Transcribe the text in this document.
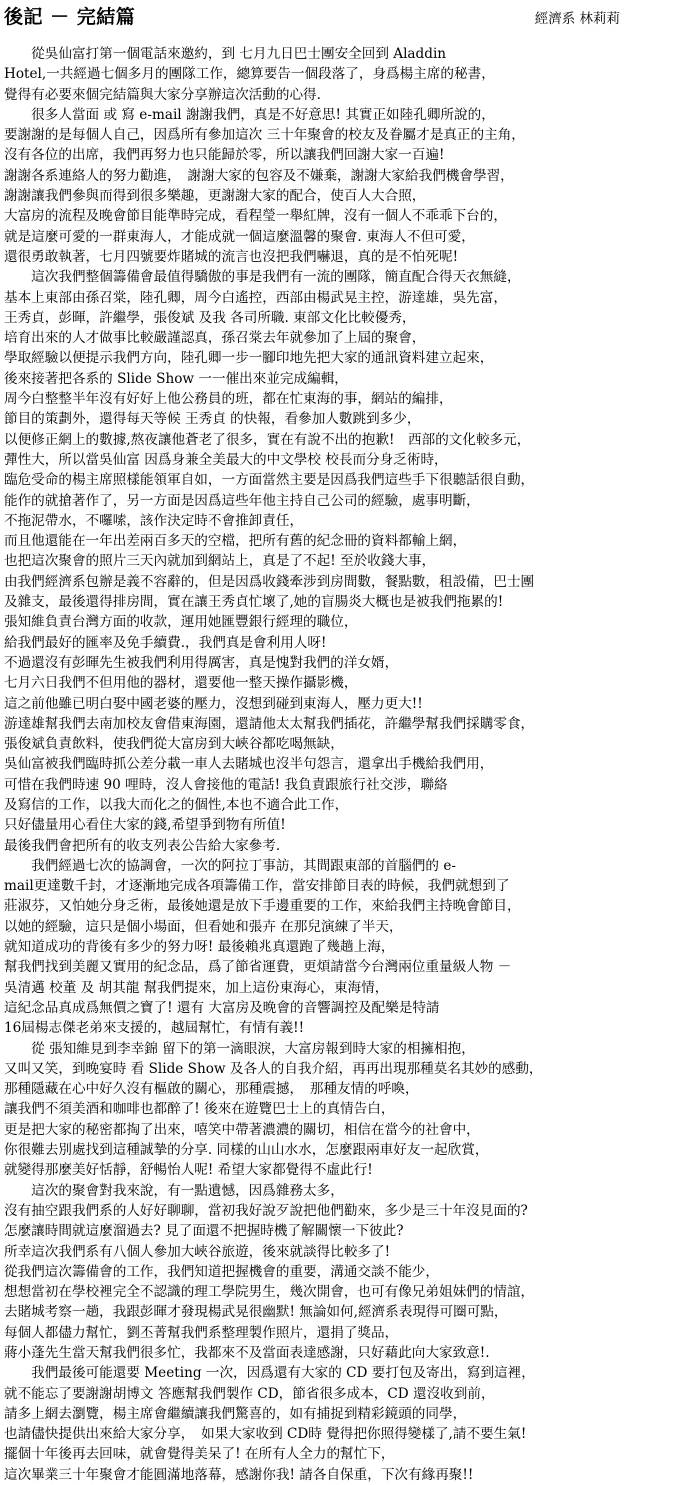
後記 － 完結篇	經濟系 林莉莉
　　從吳仙富打第一個電話來邀約，到 七月九日巴士團安全回到 Aladdin
Hotel,一共經過七個多月的團隊工作，總算要告一個段落了，身爲楊主席的秘書，
覺得有必要來個完結篇與大家分享辦這次活動的心得.
　　很多人當面 或 寫 e-mail 謝謝我們，真是不好意思! 其實正如陸孔卿所說的，
要謝謝的是每個人自己，因爲所有參加這次 三十年聚會的校友及眷屬才是真正的主角，
沒有各位的出席，我們再努力也只能歸於零，所以讓我們回謝大家一百遍!
謝謝各系連絡人的努力勸進，　謝謝大家的包容及不嫌棄，謝謝大家給我們機會學習，
謝謝讓我們參與而得到很多樂趣，更謝謝大家的配合，使百人大合照，
大富房的流程及晚會節目能準時完成，看程瑩一舉紅牌，沒有一個人不乖乖下台的，
就是這麼可愛的一群東海人，才能成就一個這麼溫馨的聚會. 東海人不但可愛，
還很勇敢執著，七月四號要炸賭城的流言也沒把我們嚇退，真的是不怕死呢!
　　這次我們整個籌備會最值得驕傲的事是我們有一流的團隊，簡直配合得天衣無縫，
基本上東部由孫召棠，陸孔卿，周今白遙控，西部由楊武晃主控，游達雄，吳先富，
王秀貞，彭暉，許繼學，張俊斌 及我 各司所職. 東部文化比較優秀，
培育出來的人才做事比較嚴謹認真，孫召棠去年就參加了上屆的聚會，
學取經驗以便提示我們方向，陸孔卿一步一腳印地先把大家的通訊資料建立起來，
後來接著把各系的 Slide Show 一一催出來並完成編輯，
周今白整整半年沒有好好上他公務員的班，都在忙東海的事，網站的編排，
節目的策劃外，還得每天等候 王秀貞 的快報，看參加人數跳到多少，
以便修正網上的數據,熬夜讓他蒼老了很多，實在有說不出的抱歉!　西部的文化較多元，
彈性大，所以當吳仙富 因爲身兼全美最大的中文學校 校長而分身乏術時，
臨危受命的楊主席照樣能領軍自如，一方面當然主要是因爲我們這些手下很聽話很自動，
能作的就搶著作了，另一方面是因爲這些年他主持自己公司的經驗，處事明斷，
不拖泥帶水，不囉嗦，該作決定時不會推卸責任，
而且他還能在一年出差兩百多天的空檔，把所有舊的紀念冊的資料都輸上網，
也把這次聚會的照片三天內就加到網站上，真是了不起! 至於收錢大事，
由我們經濟系包辦是義不容辭的，但是因爲收錢牽涉到房間數，餐點數，租設備，巴士團
及雜支，最後還得排房間，實在讓王秀貞忙壞了,她的盲腸炎大概也是被我們拖累的!
張知維負責台灣方面的收款，運用她匯豐銀行經理的職位，
給我們最好的匯率及免手續費.，我們真是會利用人呀!
不過還沒有彭暉先生被我們利用得厲害，真是愧對我們的洋女婿，
七月六日我們不但用他的器材，還要他一整天操作攝影機，
這之前他雖已明白娶中國老婆的壓力，沒想到碰到東海人，壓力更大!!
游達雄幫我們去南加校友會借東海園，還請他太太幫我們插花，許繼學幫我們採購零食，
張俊斌負責飲料，使我們從大富房到大峽谷都吃喝無缺，
吳仙富被我們臨時抓公差分載一車人去賭城也沒半句怨言，還拿出手機給我們用，
可惜在我們時速 90 哩時，沒人會接他的電話! 我負責跟旅行社交涉，聯絡
及寫信的工作，以我大而化之的個性,本也不適合此工作，
只好儘量用心看住大家的錢,希望爭到物有所值!
最後我們會把所有的收支列表公告給大家參考.
　　我們經過七次的協調會，一次的阿拉丁事訪，其間跟東部的首腦們的 e-
mail更達數千封，才逐漸地完成各項籌備工作，當安排節目表的時候，我們就想到了
莊淑芬，又怕她分身乏術，最後她還是放下手邊重要的工作，來給我們主持晚會節目，
以她的經驗，這只是個小場面，但看她和張卉 在那兒演練了半天，
就知道成功的背後有多少的努力呀! 最後賴兆真還跑了幾趟上海，
幫我們找到美麗又實用的紀念品，爲了節省運費，更煩請當今台灣兩位重量級人物 －
吳清邁 校董 及 胡其龍 幫我們提來，加上這份東海心，東海情，
這紀念品真成爲無價之寶了! 還有 大富房及晚會的音響調控及配樂是特請
16屆楊志傑老弟來支援的，越屆幫忙，有情有義!!
　　從 張知維見到李幸錦 留下的第一滴眼淚，大富房報到時大家的相擁相抱，
又叫又笑，到晚宴時 看 Slide Show 及各人的自我介紹，再再出現那種莫名其妙的感動，
那種隱藏在心中好久沒有樞啟的關心，那種震撼，　那種友情的呼喚，
讓我們不須美酒和咖啡也都醉了! 後來在遊覽巴士上的真情告白，
更是把大家的秘密都掏了出來，嘻笑中帶著濃濃的關切，相信在當今的社會中，
你很難去別處找到這種誠摯的分享. 同樣的山山水水，怎麼跟兩車好友一起欣賞，
就變得那麼美好恬靜，舒暢怡人呢! 希望大家都覺得不虛此行!
　　這次的聚會對我來說，有一點遺憾，因爲雜務太多，
沒有抽空跟我們系的人好好聊聊，當初我好說歹說把他們勸來，多少是三十年沒見面的?
怎麼讓時間就這麼溜過去? 見了面還不把握時機了解關懷一下彼此?
所幸這次我們系有八個人參加大峽谷旅遊，後來就談得比較多了!
從我們這次籌備會的工作，我們知道把握機會的重要，溝通交談不能少，
想想當初在學校裡完全不認識的理工學院男生，幾次開會，也可有像兄弟姐妹們的情誼，
去賭城考察一趟，我跟彭暉才發現楊武晃很幽默! 無論如何,經濟系表現得可圈可點，
每個人都儘力幫忙，劉丕菁幫我們系整理製作照片，還捐了獎品，
蔣小蓬先生當天幫我們很多忙，我都來不及當面表達感謝，只好藉此向大家致意!.
　　我們最後可能還要 Meeting 一次，因爲還有大家的 CD 要打包及寄出，寫到這裡，
就不能忘了要謝謝胡博文 答應幫我們製作 CD，節省很多成本，CD 還沒收到前，
請多上網去瀏覽，楊主席會繼續讓我們驚喜的，如有捕捉到精彩鏡頭的同學，
也請儘快提供出來給大家分享，　如果大家收到 CD時 覺得把你照得變樣了,請不要生氣!
擺個十年後再去回味，就會覺得美呆了! 在所有人全力的幫忙下，
這次畢業三十年聚會才能圓滿地落幕，感謝你我! 請各自保重，下次有緣再聚!!
